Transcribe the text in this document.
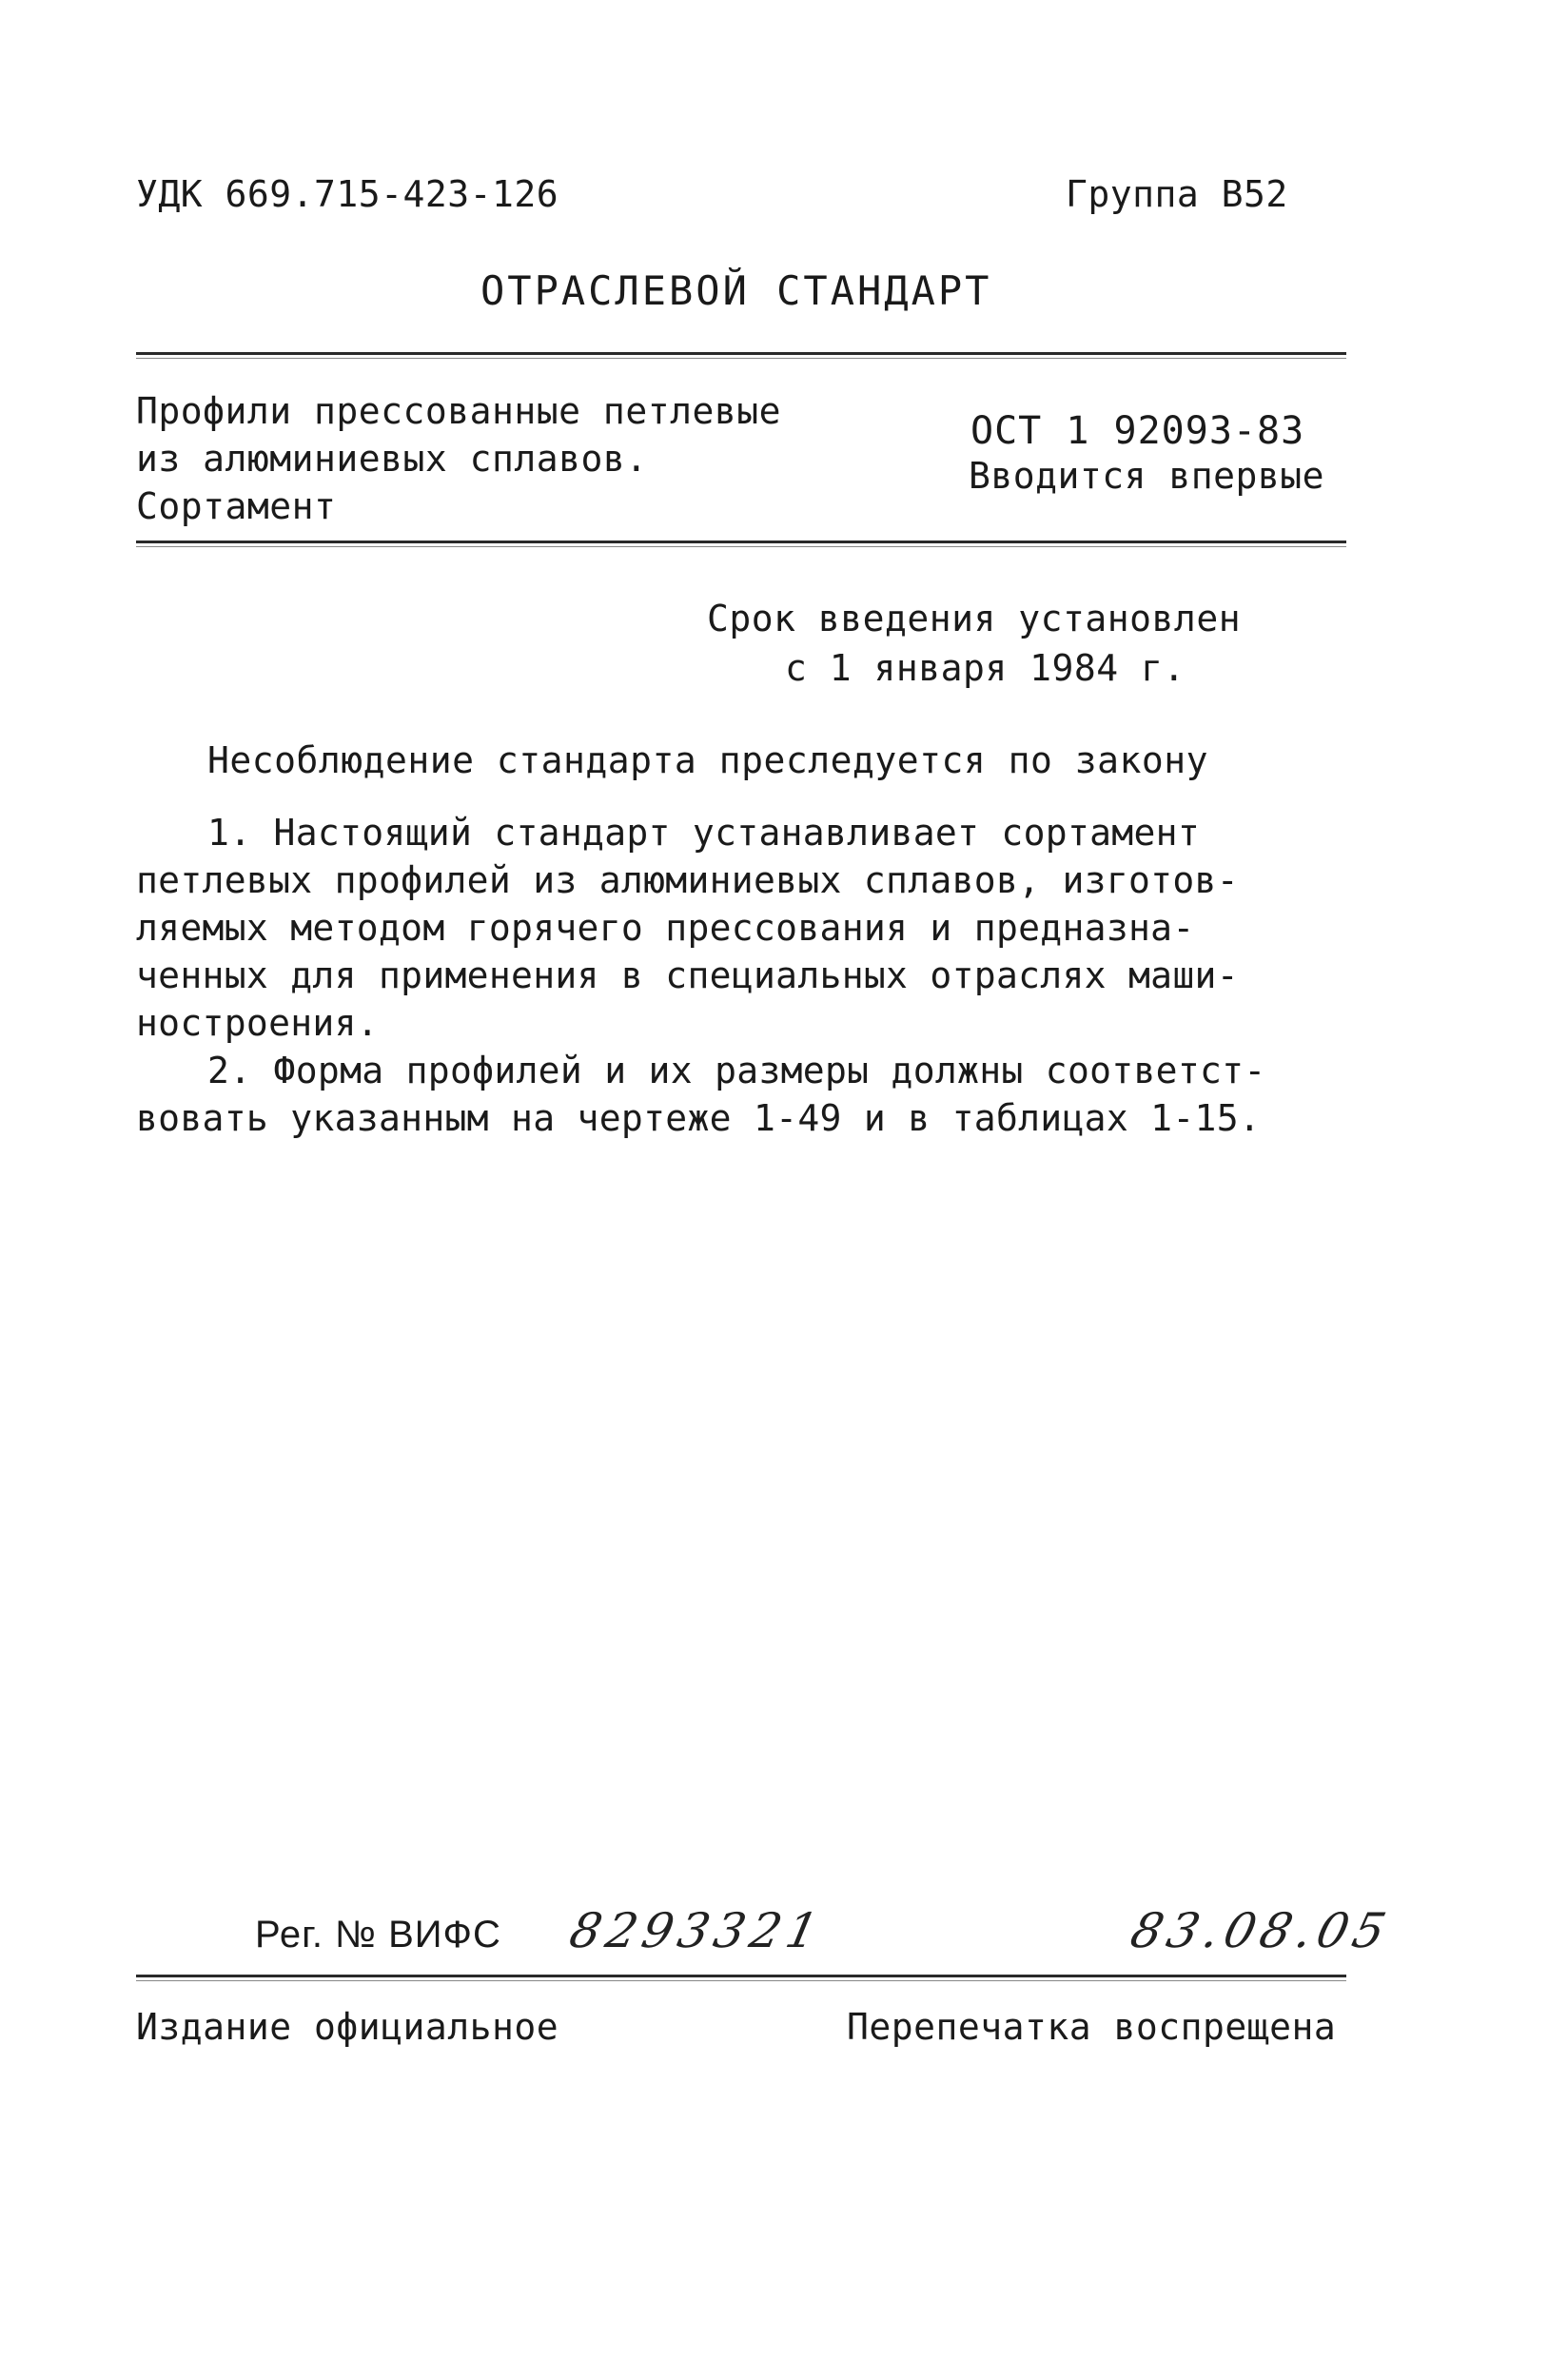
УДК 669.715-423-126	Группа В52
ОТРАСЛЕВОЙ СТАНДАРТ
Профили прессованные петлевые
из алюминиевых сплавов.
Сортамент
ОСТ 1 92093-83
Вводится впервые
Срок введения установлен
с 1 января 1984 г.
Несоблюдение стандарта преследуется по закону
1. Настоящий стандарт устанавливает сортамент
петлевых профилей из алюминиевых сплавов, изготов-
ляемых методом горячего прессования и предназна-
ченных для применения в специальных отраслях маши-
ностроения.
2. Форма профилей и их размеры должны соответст-
вовать указанным на чертеже 1-49 и в таблицах 1-15.
Рег. № ВИФС 8293321	83.08.05
Издание официальное	Перепечатка воспрещена
